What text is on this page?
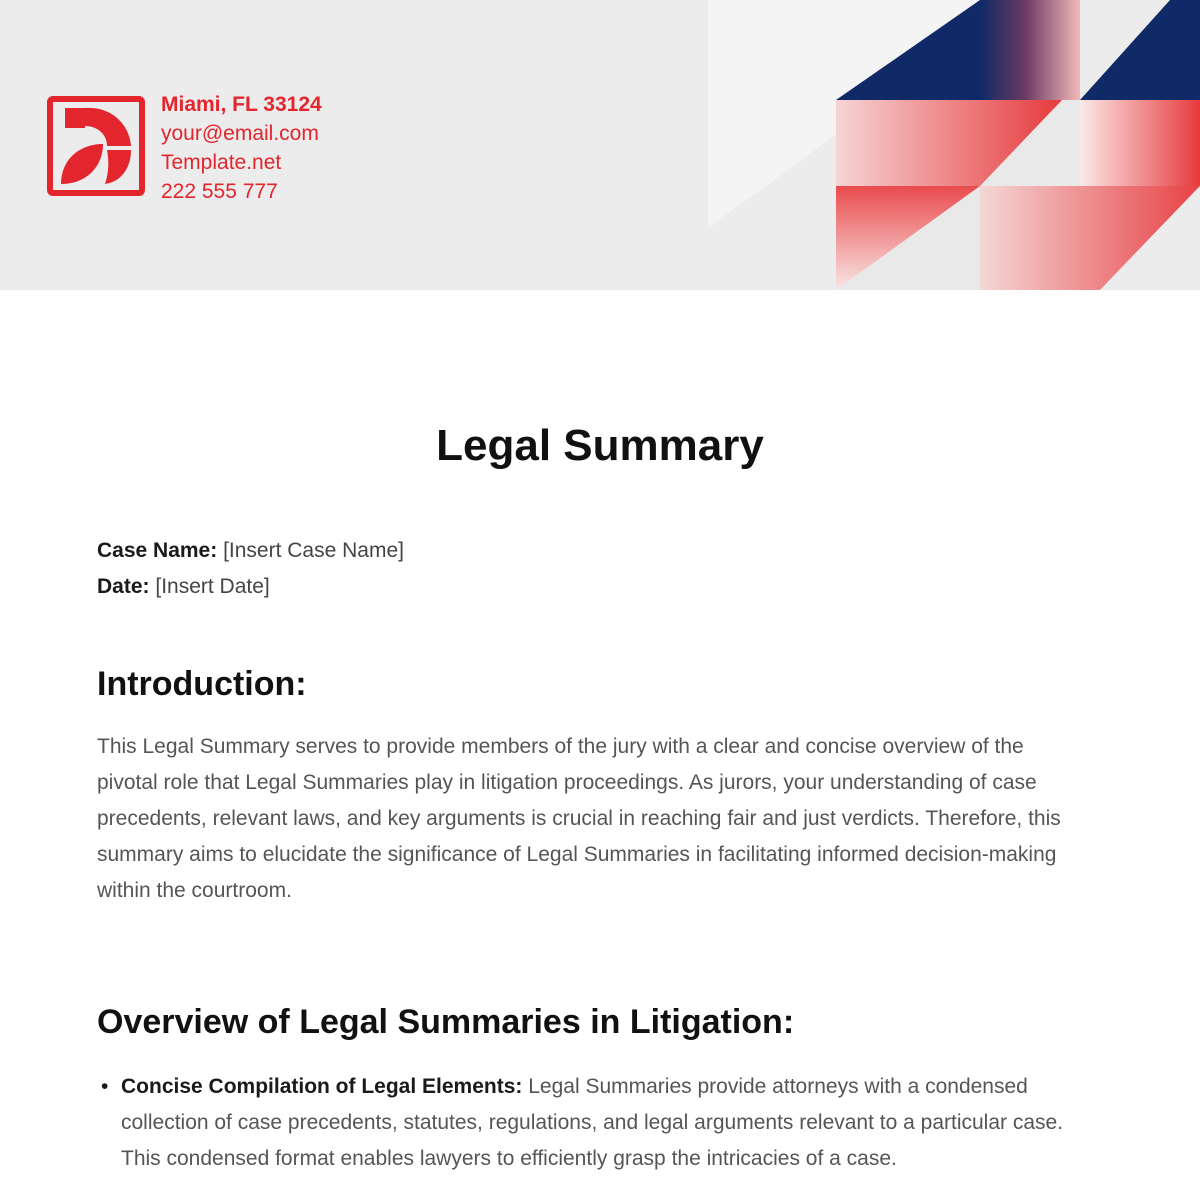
Miami, FL 33124
your@email.com
Template.net
222 555 777
Legal Summary
Case Name: [Insert Case Name]
Date: [Insert Date]
Introduction:

This Legal Summary serves to provide members of the jury with a clear and concise overview of the pivotal role that Legal Summaries play in litigation proceedings. As jurors, your understanding of case precedents, relevant laws, and key arguments is crucial in reaching fair and just verdicts. Therefore, this summary aims to elucidate the significance of Legal Summaries in facilitating informed decision-making within the courtroom.

Overview of Legal Summaries in Litigation:
• Concise Compilation of Legal Elements: Legal Summaries provide attorneys with a condensed collection of case precedents, statutes, regulations, and legal arguments relevant to a particular case. This condensed format enables lawyers to efficiently grasp the intricacies of a case.
